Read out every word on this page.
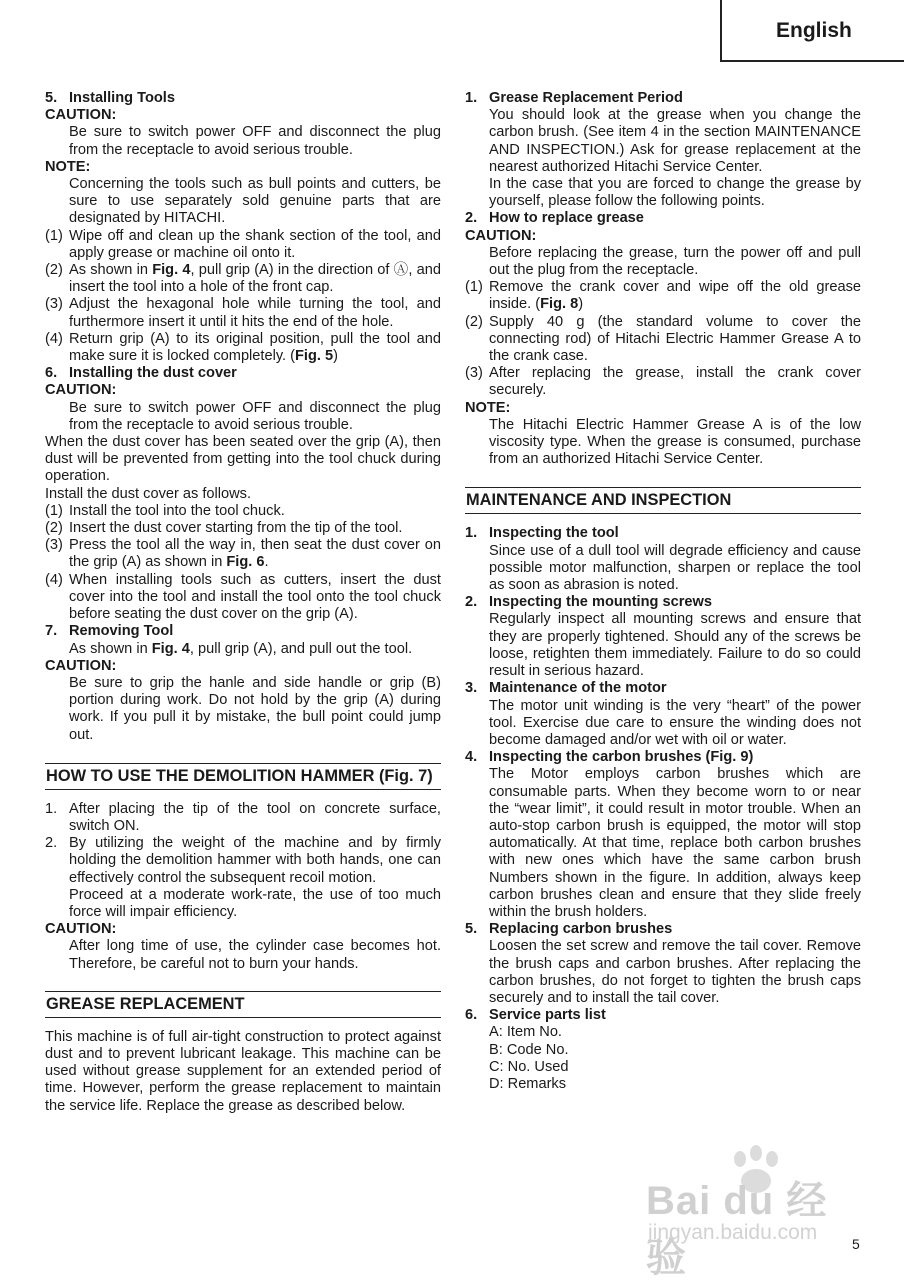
English
5. Installing Tools
CAUTION:
Be sure to switch power OFF and disconnect the plug from the receptacle to avoid serious trouble.
NOTE:
Concerning the tools such as bull points and cutters, be sure to use separately sold genuine parts that are designated by HITACHI.
(1) Wipe off and clean up the shank section of the tool, and apply grease or machine oil onto it.
(2) As shown in Fig. 4, pull grip (A) in the direction of Ⓐ, and insert the tool into a hole of the front cap.
(3) Adjust the hexagonal hole while turning the tool, and furthermore insert it until it hits the end of the hole.
(4) Return grip (A) to its original position, pull the tool and make sure it is locked completely. (Fig. 5)
6. Installing the dust cover
CAUTION:
Be sure to switch power OFF and disconnect the plug from the receptacle to avoid serious trouble.
When the dust cover has been seated over the grip (A), then dust will be prevented from getting into the tool chuck during operation.
Install the dust cover as follows.
(1) Install the tool into the tool chuck.
(2) Insert the dust cover starting from the tip of the tool.
(3) Press the tool all the way in, then seat the dust cover on the grip (A) as shown in Fig. 6.
(4) When installing tools such as cutters, insert the dust cover into the tool and install the tool onto the tool chuck before seating the dust cover on the grip (A).
7. Removing Tool
As shown in Fig. 4, pull grip (A), and pull out the tool.
CAUTION:
Be sure to grip the hanle and side handle or grip (B) portion during work. Do not hold by the grip (A) during work. If you pull it by mistake, the bull point could jump out.
HOW TO USE THE DEMOLITION HAMMER (Fig. 7)
1. After placing the tip of the tool on concrete surface, switch ON.
2. By utilizing the weight of the machine and by firmly holding the demolition hammer with both hands, one can effectively control the subsequent recoil motion.
Proceed at a moderate work-rate, the use of too much force will impair efficiency.
CAUTION:
After long time of use, the cylinder case becomes hot. Therefore, be careful not to burn your hands.
GREASE REPLACEMENT
This machine is of full air-tight construction to protect against dust and to prevent lubricant leakage. This machine can be used without grease supplement for an extended period of time. However, perform the grease replacement to maintain the service life. Replace the grease as described below.
1. Grease Replacement Period
You should look at the grease when you change the carbon brush. (See item 4 in the section MAINTENANCE AND INSPECTION.) Ask for grease replacement at the nearest authorized Hitachi Service Center.
In the case that you are forced to change the grease by yourself, please follow the following points.
2. How to replace grease
CAUTION:
Before replacing the grease, turn the power off and pull out the plug from the receptacle.
(1) Remove the crank cover and wipe off the old grease inside. (Fig. 8)
(2) Supply 40 g (the standard volume to cover the connecting rod) of Hitachi Electric Hammer Grease A to the crank case.
(3) After replacing the grease, install the crank cover securely.
NOTE:
The Hitachi Electric Hammer Grease A is of the low viscosity type. When the grease is consumed, purchase from an authorized Hitachi Service Center.
MAINTENANCE AND INSPECTION
1. Inspecting the tool
Since use of a dull tool will degrade efficiency and cause possible motor malfunction, sharpen or replace the tool as soon as abrasion is noted.
2. Inspecting the mounting screws
Regularly inspect all mounting screws and ensure that they are properly tightened. Should any of the screws be loose, retighten them immediately. Failure to do so could result in serious hazard.
3. Maintenance of the motor
The motor unit winding is the very “heart” of the power tool. Exercise due care to ensure the winding does not become damaged and/or wet with oil or water.
4. Inspecting the carbon brushes (Fig. 9)
The Motor employs carbon brushes which are consumable parts. When they become worn to or near the “wear limit”, it could result in motor trouble. When an auto-stop carbon brush is equipped, the motor will stop automatically. At that time, replace both carbon brushes with new ones which have the same carbon brush Numbers shown in the figure. In addition, always keep carbon brushes clean and ensure that they slide freely within the brush holders.
5. Replacing carbon brushes
Loosen the set screw and remove the tail cover. Remove the brush caps and carbon brushes. After replacing the carbon brushes, do not forget to tighten the brush caps securely and to install the tail cover.
6. Service parts list
A: Item No.
B: Code No.
C: No. Used
D: Remarks
Bai du 经验
jingyan.baidu.com 5
